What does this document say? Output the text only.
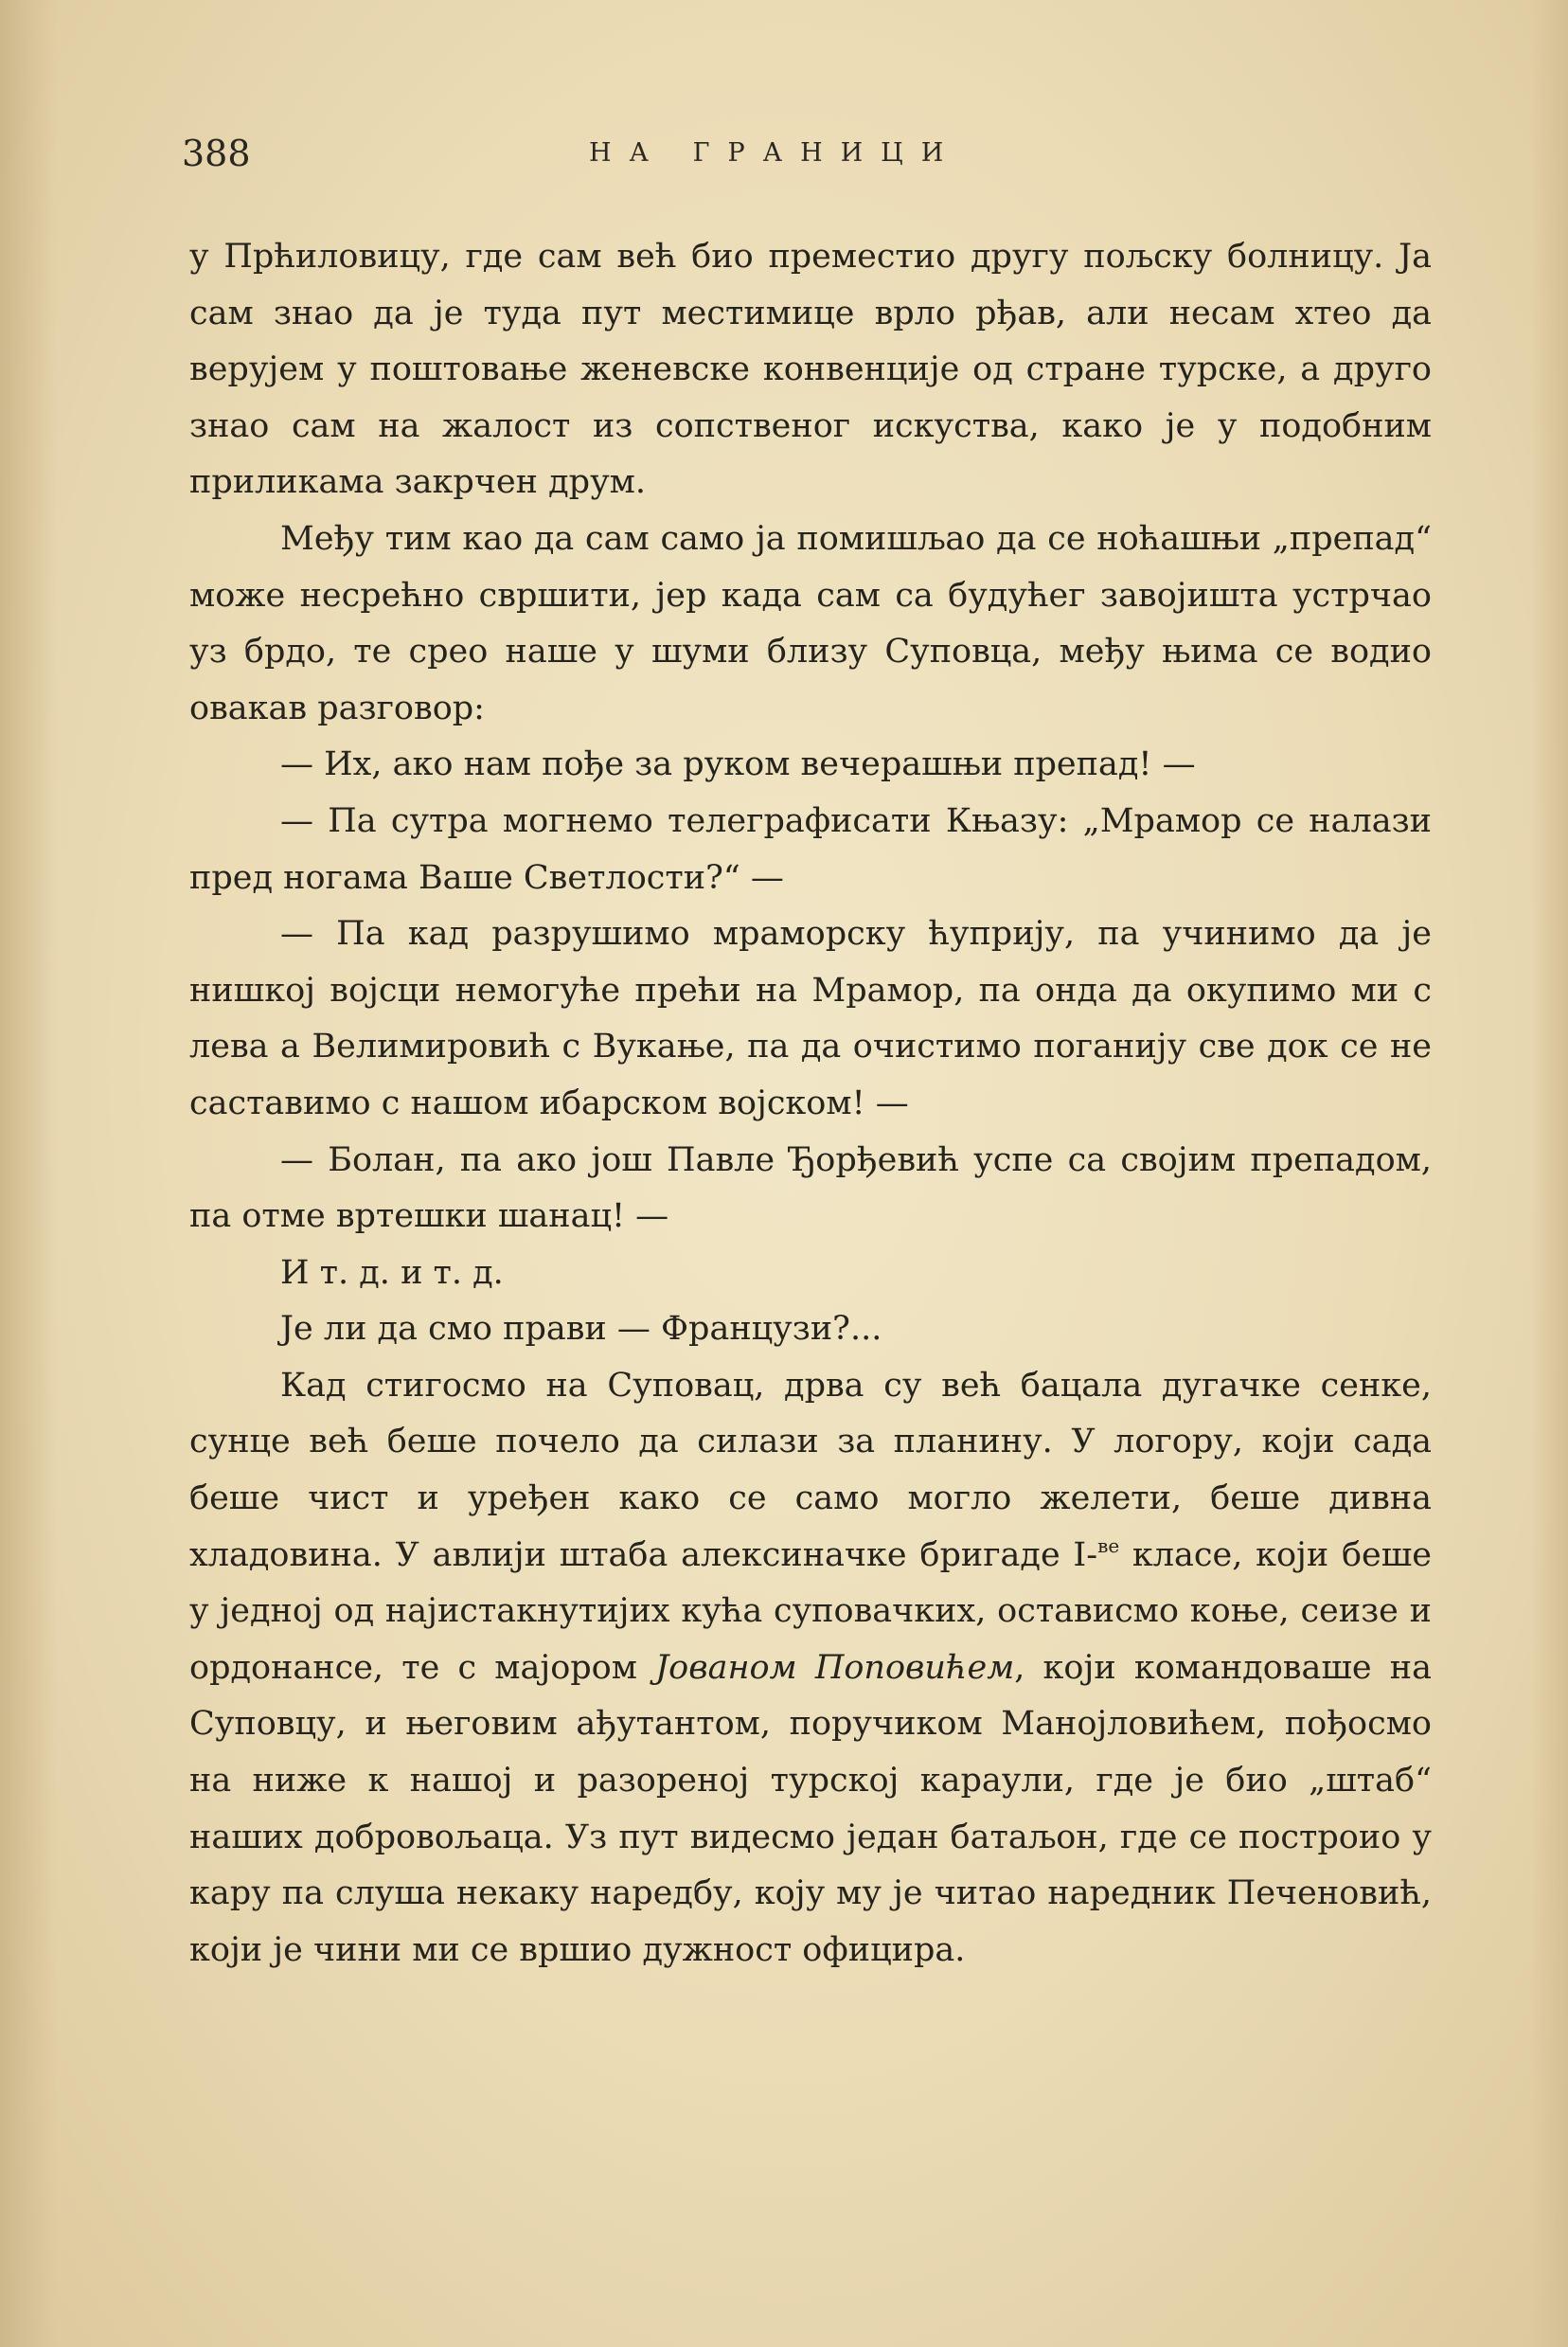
388	НА ГРАНИЦИ

у Прћиловицу, где сам већ био преместио другу пољску болницу. Ја сам знао да је туда пут местимице врло рђав, али несам хтео да верујем у поштовање женевске конвенције од стране турске, а друго знао сам на жалост из сопственог искуства, како је у подобним приликама закрчен друм.

Међу тим као да сам само ја помишљао да се ноћашњи „препад“ може несрећно свршити, јер када сам са будућег завојишта устрчао уз брдо, те срео наше у шуми близу Суповца, међу њима се водио овакав разговор:

— Их, ако нам пође за руком вечерашњи препад! —

— Па сутра могнемо телеграфисати Књазу: „Мрамор се налази пред ногама Ваше Светлости?“ —

— Па кад разрушимо мраморску ћуприју, па учинимо да је нишкој војсци немогуће прећи на Мрамор, па онда да окупимо ми с лева а Велимировић с Вукање, па да очистимо поганију све док се не саставимо с нашом ибарском војском! —

— Болан, па ако још Павле Ђорђевић успе са својим препадом, па отме вртешки шанац! —

И т. д. и т. д.

Је ли да смо прави — Французи?...

Кад стигосмо на Суповац, дрва су већ бацала дугачке сенке, сунце већ беше почело да силази за планину. У логору, који сада беше чист и уређен како се само могло желети, беше дивна хладовина. У авлији штаба алексиначке бригаде I-$^{ве}$ класе, који беше у једној од најистакнутијих кућа суповачких, остависмо коње, сеизе и ордонансе, те с мајором Јованом Поповићем, који командоваше на Суповцу, и његовим ађутантом, поручиком Манојловићем, пођосмо на ниже к нашој и разореној турској караули, где је био „штаб“ наших добровољаца. Уз пут видесмо један батаљон, где се построио у кару па слуша некаку наредбу, коју му је читао наредник Печеновић, који је чини ми се вршио дужност официра.
